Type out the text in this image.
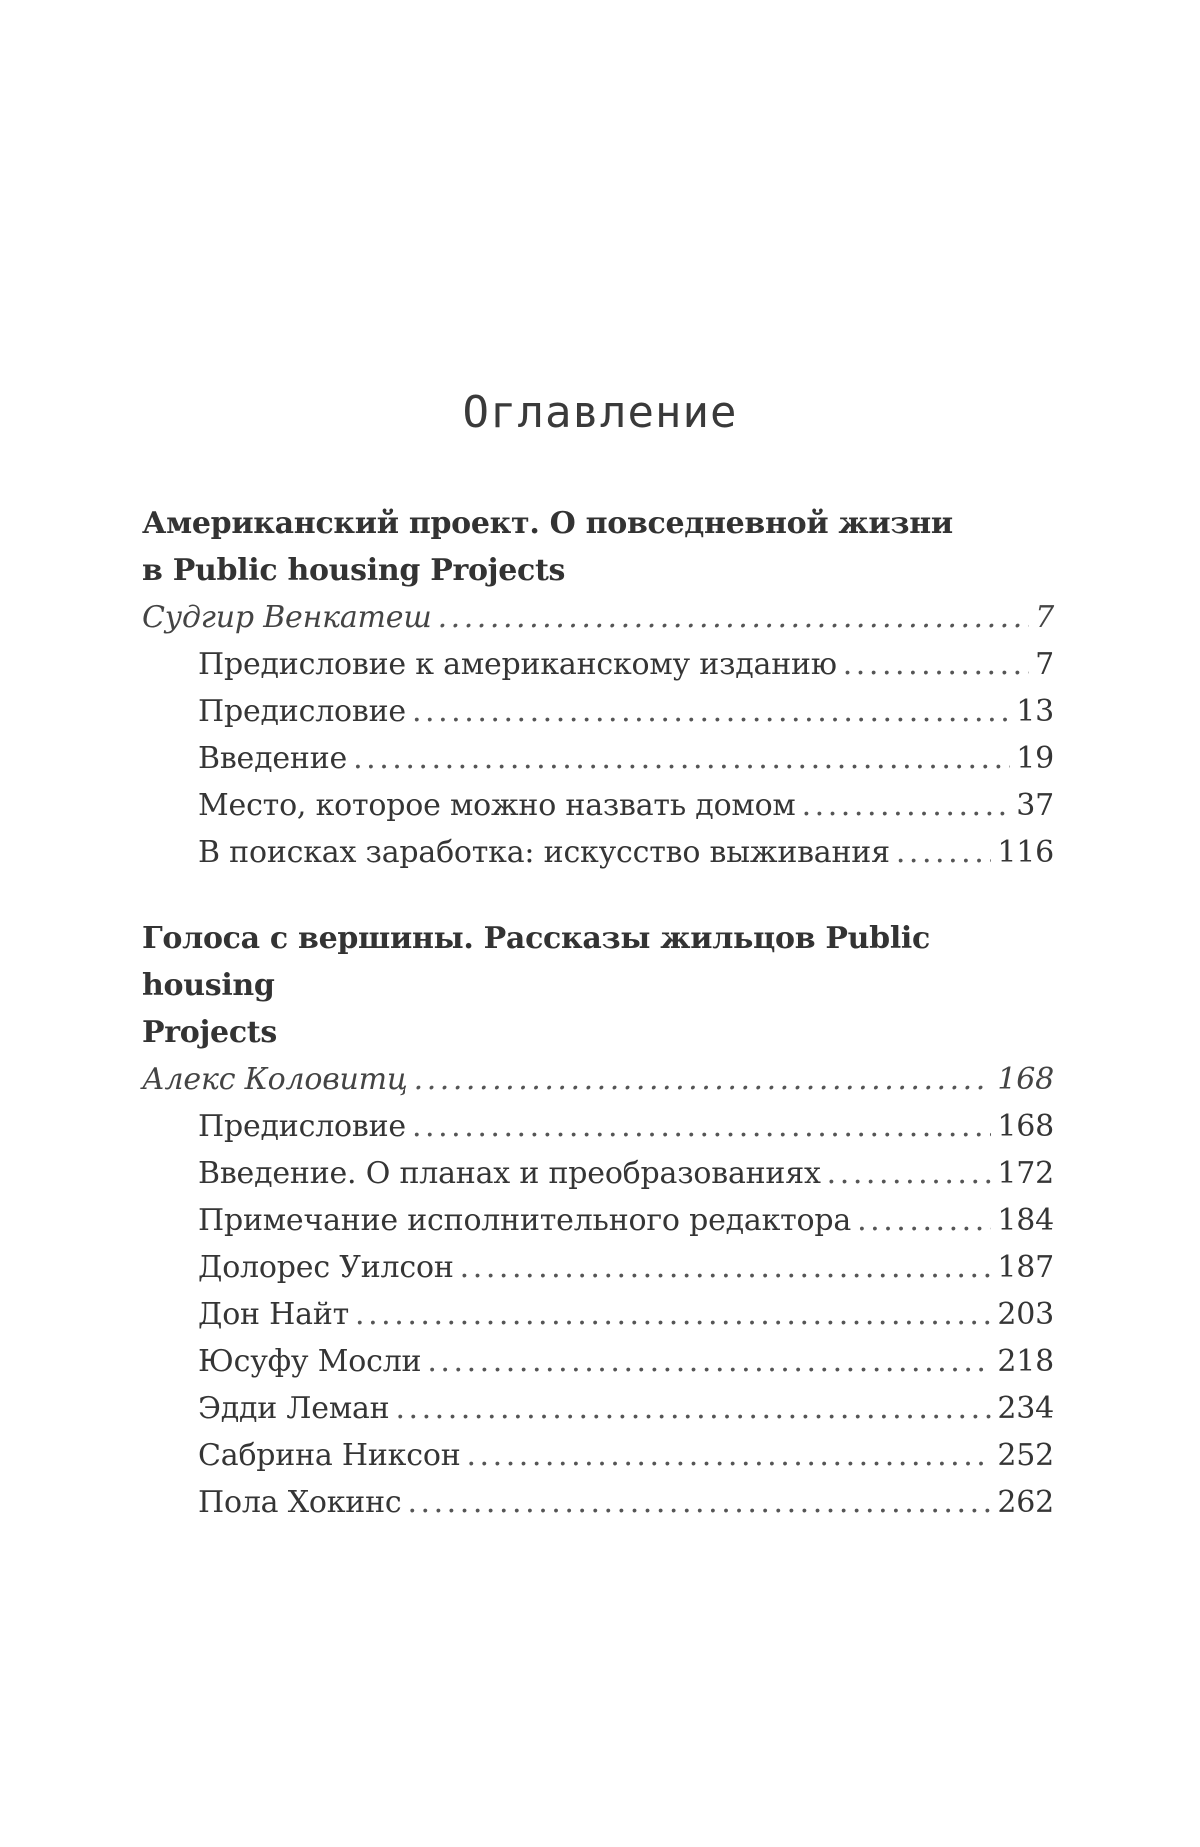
Оглавление
Американский проект. О повседневной жизни
в Public housing Projects
Судгир Венкатеш . . .	7
Предисловие к американскому изданию . . .	7
Предисловие . . .	13
Введение . . .	19
Место, которое можно назвать домом . . .	37
В поисках заработка: искусство выживания . . .	116
Голоса с вершины. Рассказы жильцов Public housing
Projects
Алекс Коловитц . . .	168
Предисловие . . .	168
Введение. О планах и преобразованиях . . .	172
Примечание исполнительного редактора . . .	184
Долорес Уилсон . . .	187
Дон Найт . . .	203
Юсуфу Мосли . . .	218
Эдди Леман . . .	234
Сабрина Никсон . . .	252
Пола Хокинс . . .	262
